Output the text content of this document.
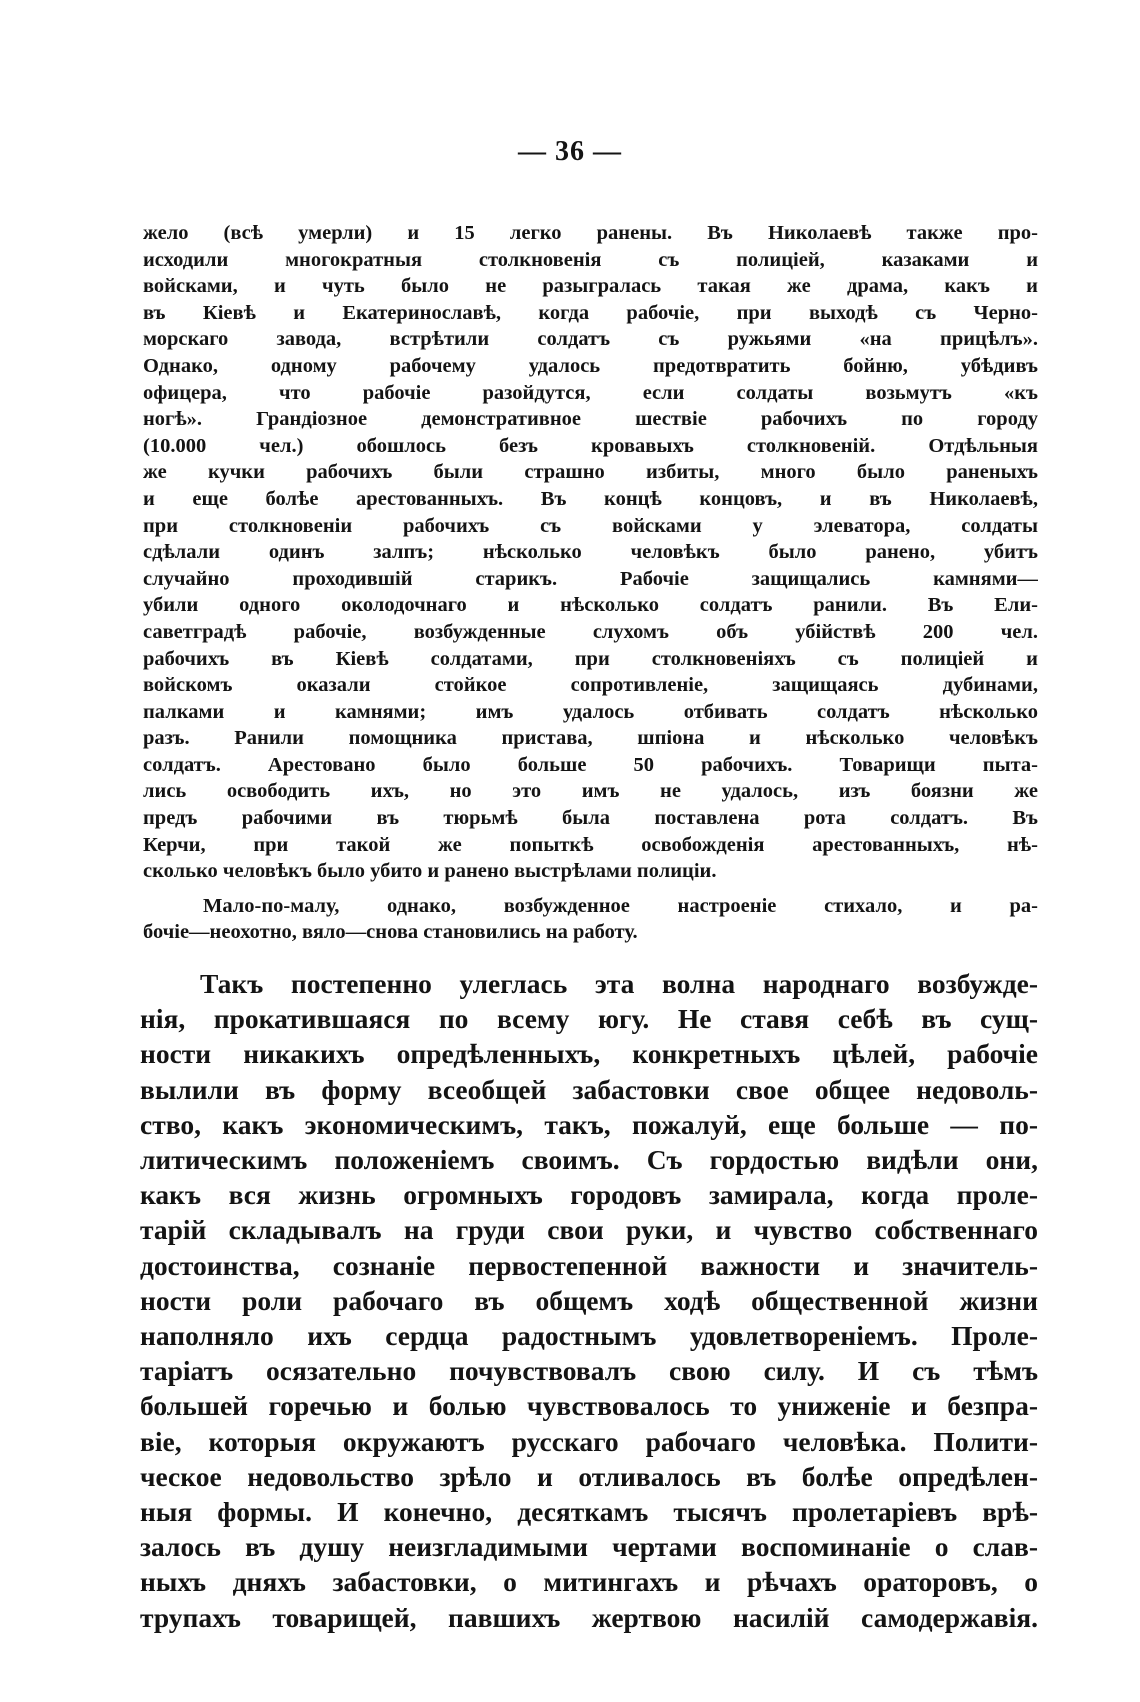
— 36 —
жело (всѣ умерли) и 15 легко ранены. Въ Николаевѣ также про-
исходили многократныя столкновенія съ полиціей, казаками и
войсками, и чуть было не разыгралась такая же драма, какъ и
въ Кіевѣ и Екатеринославѣ, когда рабочіе, при выходѣ съ Черно-
морскаго завода, встрѣтили солдатъ съ ружьями «на прицѣлъ».
Однако, одному рабочему удалось предотвратить бойню, убѣдивъ
офицера, что рабочіе разойдутся, если солдаты возьмутъ «къ
ногѣ». Грандіозное демонстративное шествіе рабочихъ по городу
(10.000 чел.) обошлось безъ кровавыхъ столкновеній. Отдѣльныя
же кучки рабочихъ были страшно избиты, много было раненыхъ
и еще болѣе арестованныхъ. Въ концѣ концовъ, и въ Николаевѣ,
при столкновеніи рабочихъ съ войсками у элеватора, солдаты
сдѣлали одинъ залпъ; нѣсколько человѣкъ было ранено, убитъ
случайно проходившій старикъ. Рабочіе защищались камнями—
убили одного околодочнаго и нѣсколько солдатъ ранили. Въ Ели-
саветградѣ рабочіе, возбужденные слухомъ объ убійствѣ 200 чел.
рабочихъ въ Кіевѣ солдатами, при столкновеніяхъ съ полиціей и
войскомъ оказали стойкое сопротивленіе, защищаясь дубинами,
палками и камнями; имъ удалось отбивать солдатъ нѣсколько
разъ. Ранили помощника пристава, шпіона и нѣсколько человѣкъ
солдатъ. Арестовано было больше 50 рабочихъ. Товарищи пыта-
лись освободить ихъ, но это имъ не удалось, изъ боязни же
предъ рабочими въ тюрьмѣ была поставлена рота солдатъ. Въ
Керчи, при такой же попыткѣ освобожденія арестованныхъ, нѣ-
сколько человѣкъ было убито и ранено выстрѣлами полиціи.
Мало-по-малу, однако, возбужденное настроеніе стихало, и ра-
бочіе—неохотно, вяло—снова становились на работу.
Такъ постепенно улеглась эта волна народнаго возбужде-
нія, прокатившаяся по всему югу. Не ставя себѣ въ сущ-
ности никакихъ опредѣленныхъ, конкретныхъ цѣлей, рабочіе
вылили въ форму всеобщей забастовки свое общее недоволь-
ство, какъ экономическимъ, такъ, пожалуй, еще больше — по-
литическимъ положеніемъ своимъ. Съ гордостью видѣли они,
какъ вся жизнь огромныхъ городовъ замирала, когда проле-
тарій складывалъ на груди свои руки, и чувство собственнаго
достоинства, сознаніе первостепенной важности и значитель-
ности роли рабочаго въ общемъ ходѣ общественной жизни
наполняло ихъ сердца радостнымъ удовлетвореніемъ. Проле-
таріатъ осязательно почувствовалъ свою силу. И съ тѣмъ
большей горечью и болью чувствовалось то униженіе и безпра-
віе, которыя окружаютъ русскаго рабочаго человѣка. Полити-
ческое недовольство зрѣло и отливалось въ болѣе опредѣлен-
ныя формы. И конечно, десяткамъ тысячъ пролетаріевъ врѣ-
залось въ душу неизгладимыми чертами воспоминаніе о слав-
ныхъ дняхъ забастовки, о митингахъ и рѣчахъ ораторовъ, о
трупахъ товарищей, павшихъ жертвою насилій самодержавія.
